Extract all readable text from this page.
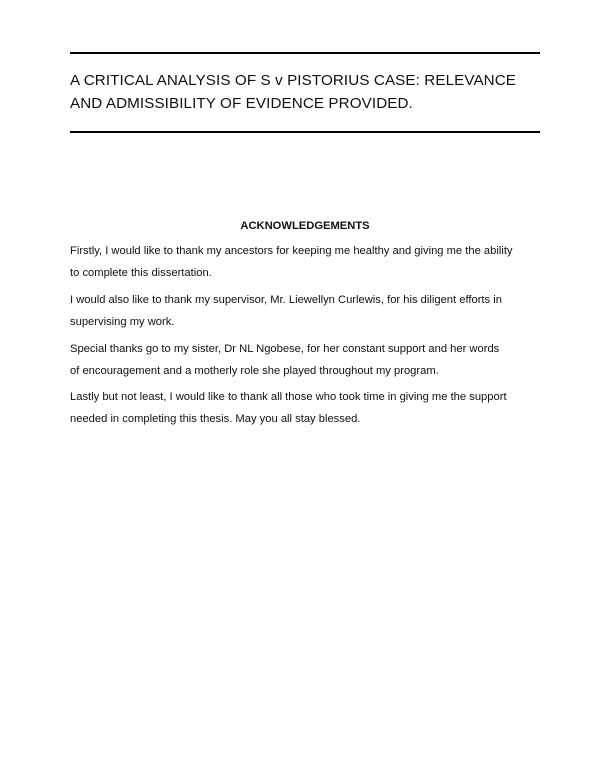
A CRITICAL ANALYSIS OF S v PISTORIUS CASE: RELEVANCE
AND ADMISSIBILITY OF EVIDENCE PROVIDED.
ACKNOWLEDGEMENTS

Firstly, I would like to thank my ancestors for keeping me healthy and giving me the ability
to complete this dissertation.

I would also like to thank my supervisor, Mr. Liewellyn Curlewis, for his diligent efforts in
supervising my work.

Special thanks go to my sister, Dr NL Ngobese, for her constant support and her words
of encouragement and a motherly role she played throughout my program.

Lastly but not least, I would like to thank all those who took time in giving me the support
needed in completing this thesis. May you all stay blessed.
